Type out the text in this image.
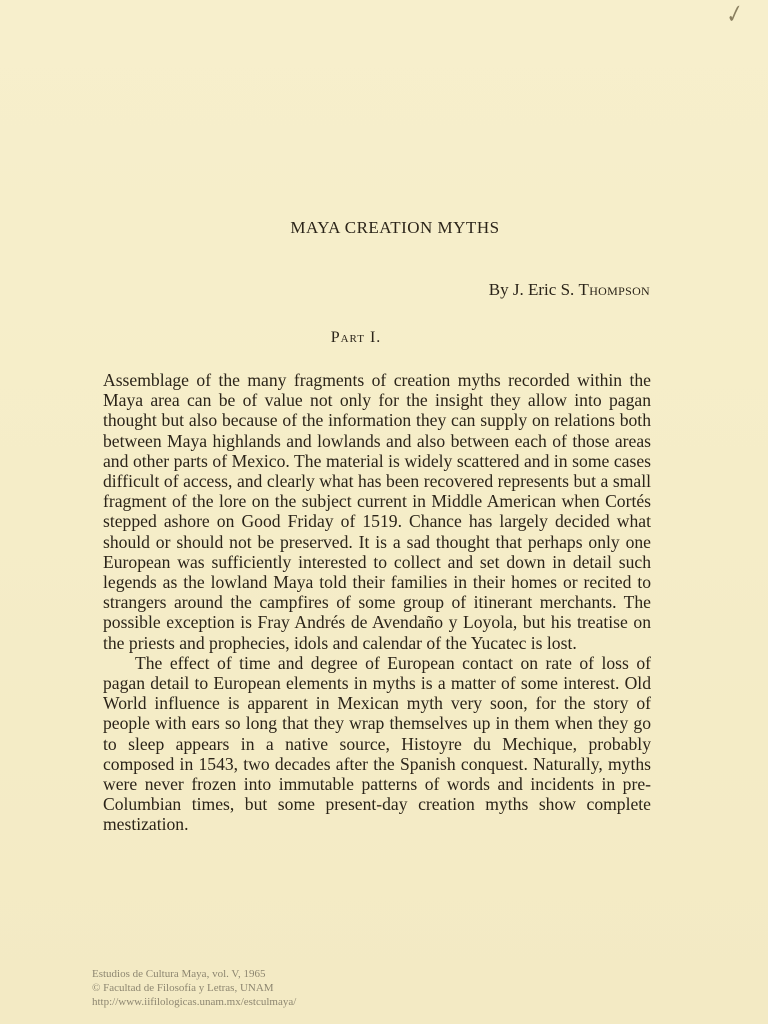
✓
MAYA CREATION MYTHS
By J. Eric S. Thompson
Part I.

Assemblage of the many fragments of creation myths recorded within the Maya area can be of value not only for the insight they allow into pagan thought but also because of the information they can supply on relations both between Maya highlands and lowlands and also between each of those areas and other parts of Mexico. The material is widely scattered and in some cases difficult of access, and clearly what has been recovered represents but a small fragment of the lore on the subject current in Middle American when Cortés stepped ashore on Good Friday of 1519. Chance has largely decided what should or should not be preserved. It is a sad thought that perhaps only one European was sufficiently interested to collect and set down in detail such legends as the lowland Maya told their families in their homes or recited to strangers around the campfires of some group of itinerant merchants. The possible exception is Fray Andrés de Avendaño y Loyola, but his treatise on the priests and prophecies, idols and calendar of the Yucatec is lost.

The effect of time and degree of European contact on rate of loss of pagan detail to European elements in myths is a matter of some interest. Old World influence is apparent in Mexican myth very soon, for the story of people with ears so long that they wrap themselves up in them when they go to sleep appears in a native source, Histoyre du Mechique, probably composed in 1543, two decades after the Spanish conquest. Naturally, myths were never frozen into immutable patterns of words and incidents in pre-Columbian times, but some present-day creation myths show complete mestization.

Estudios de Cultura Maya, vol. V, 1965
© Facultad de Filosofía y Letras, UNAM
http://www.iifilologicas.unam.mx/estculmaya/
